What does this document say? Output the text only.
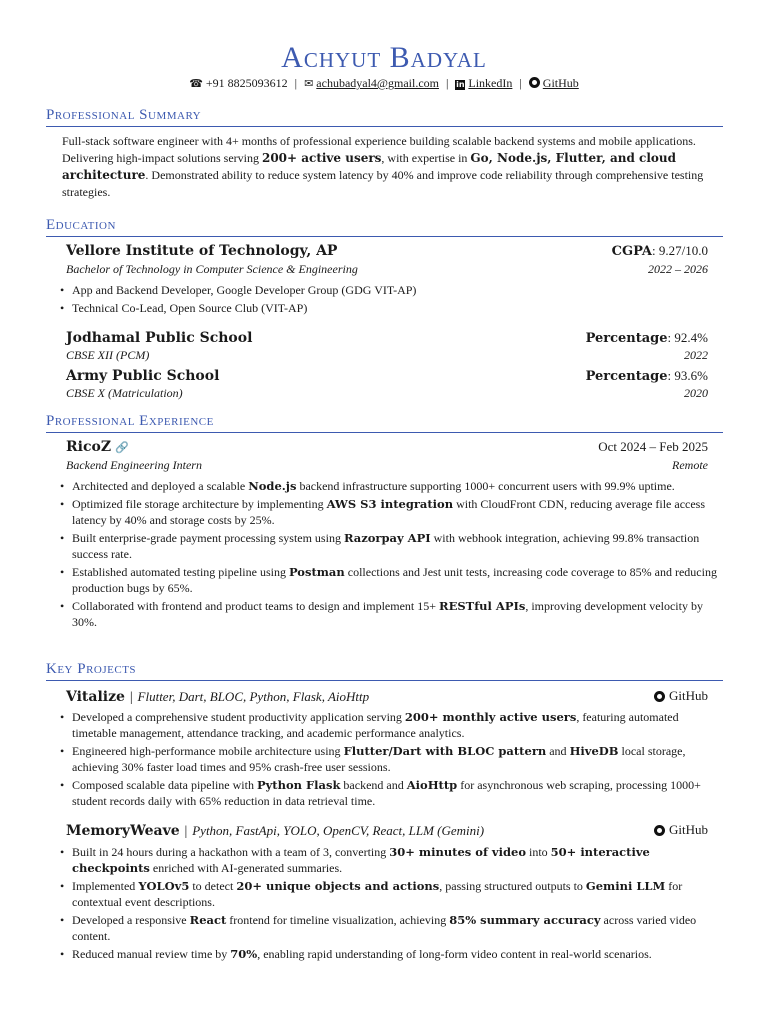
Achyut Badyal
☎ +91 8825093612 | ✉ achubadyal4@gmail.com | in LinkedIn | GitHub
Professional Summary
Full-stack software engineer with 4+ months of professional experience building scalable backend systems and mobile applications. Delivering high-impact solutions serving 200+ active users, with expertise in Go, Node.js, Flutter, and cloud architecture. Demonstrated ability to reduce system latency by 40% and improve code reliability through comprehensive testing strategies.
Education
Vellore Institute of Technology, AP	CGPA: 9.27/10.0
Bachelor of Technology in Computer Science & Engineering	2022 – 2026
• App and Backend Developer, Google Developer Group (GDG VIT-AP)
• Technical Co-Lead, Open Source Club (VIT-AP)
Jodhamal Public School	Percentage: 92.4%
CBSE XII (PCM)	2022
Army Public School	Percentage: 93.6%
CBSE X (Matriculation)	2020
Professional Experience
RicoZ 🔗	Oct 2024 – Feb 2025
Backend Engineering Intern	Remote
• Architected and deployed a scalable Node.js backend infrastructure supporting 1000+ concurrent users with 99.9% uptime.
• Optimized file storage architecture by implementing AWS S3 integration with CloudFront CDN, reducing average file access latency by 40% and storage costs by 25%.
• Built enterprise-grade payment processing system using Razorpay API with webhook integration, achieving 99.8% transaction success rate.
• Established automated testing pipeline using Postman collections and Jest unit tests, increasing code coverage to 85% and reducing production bugs by 65%.
• Collaborated with frontend and product teams to design and implement 15+ RESTful APIs, improving development velocity by 30%.
Key Projects
Vitalize | Flutter, Dart, BLOC, Python, Flask, AioHttp	GitHub
• Developed a comprehensive student productivity application serving 200+ monthly active users, featuring automated timetable management, attendance tracking, and academic performance analytics.
• Engineered high-performance mobile architecture using Flutter/Dart with BLOC pattern and HiveDB local storage, achieving 30% faster load times and 95% crash-free user sessions.
• Composed scalable data pipeline with Python Flask backend and AioHttp for asynchronous web scraping, processing 1000+ student records daily with 65% reduction in data retrieval time.
MemoryWeave | Python, FastApi, YOLO, OpenCV, React, LLM (Gemini)	GitHub
• Built in 24 hours during a hackathon with a team of 3, converting 30+ minutes of video into 50+ interactive checkpoints enriched with AI-generated summaries.
• Implemented YOLOv5 to detect 20+ unique objects and actions, passing structured outputs to Gemini LLM for contextual event descriptions.
• Developed a responsive React frontend for timeline visualization, achieving 85% summary accuracy across varied video content.
• Reduced manual review time by 70%, enabling rapid understanding of long-form video content in real-world scenarios.
